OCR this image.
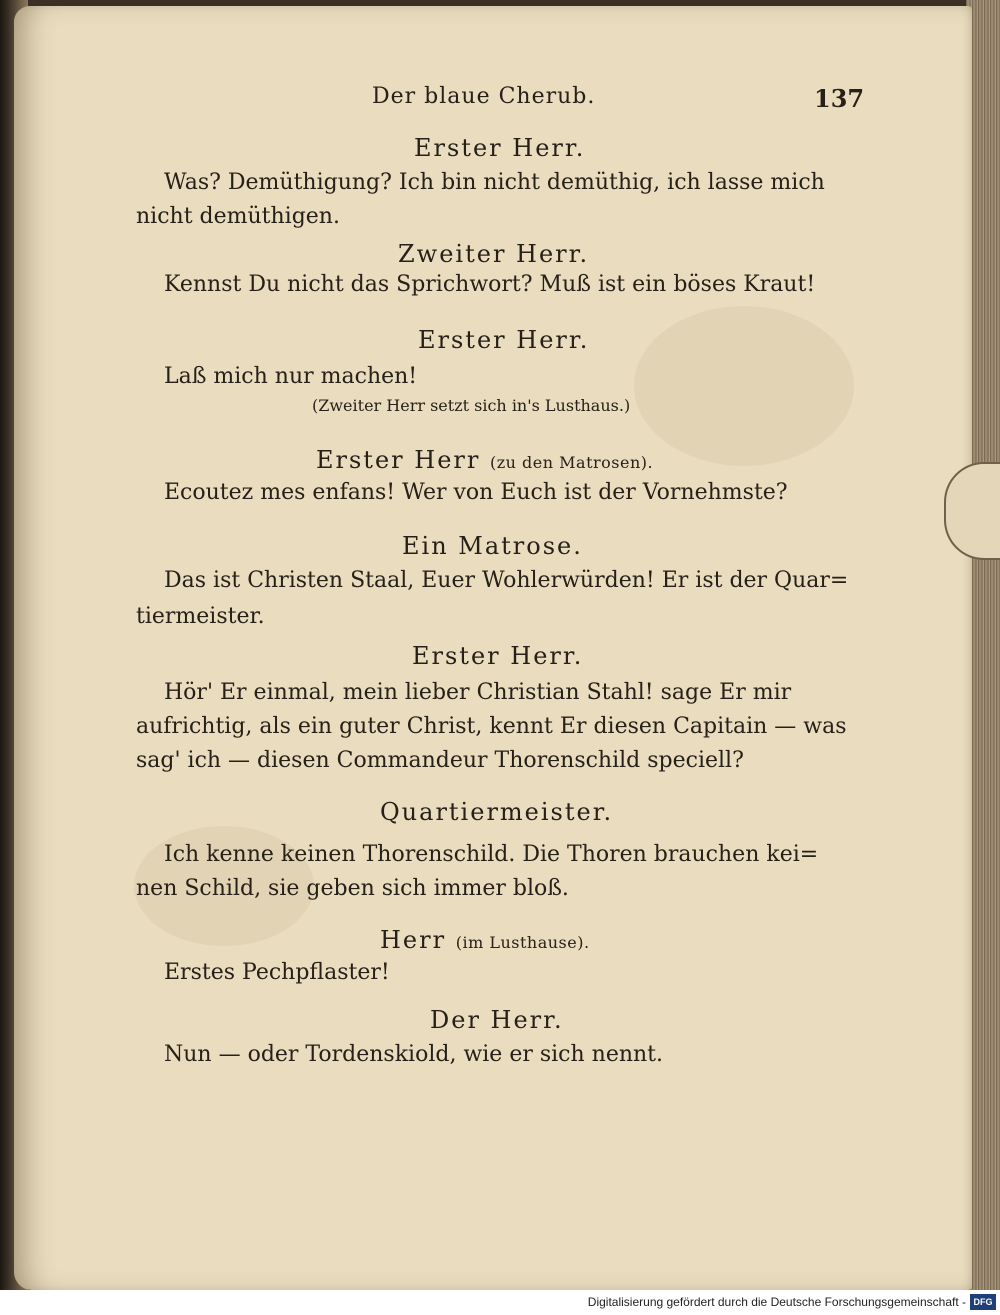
Der blaue Cherub.	137
Erster Herr.
Was? Demüthigung? Ich bin nicht demüthig, ich lasse mich
nicht demüthigen.
Zweiter Herr.
Kennst Du nicht das Sprichwort? Muß ist ein böses Kraut!
Erster Herr.
Laß mich nur machen!
(Zweiter Herr setzt sich in's Lusthaus.)
Erster Herr (zu den Matrosen).
Ecoutez mes enfans! Wer von Euch ist der Vornehmste?
Ein Matrose.
Das ist Christen Staal, Euer Wohlerwürden! Er ist der Quar=
tiermeister.
Erster Herr.
Hör' Er einmal, mein lieber Christian Stahl! sage Er mir
aufrichtig, als ein guter Christ, kennt Er diesen Capitain — was
sag' ich — diesen Commandeur Thorenschild speciell?
Quartiermeister.
Ich kenne keinen Thorenschild. Die Thoren brauchen kei=
nen Schild, sie geben sich immer bloß.
Herr (im Lusthause).
Erstes Pechpflaster!
Der Herr.
Nun — oder Tordenskiold, wie er sich nennt.
Digitalisierung gefördert durch die Deutsche Forschungsgemeinschaft - DFG
